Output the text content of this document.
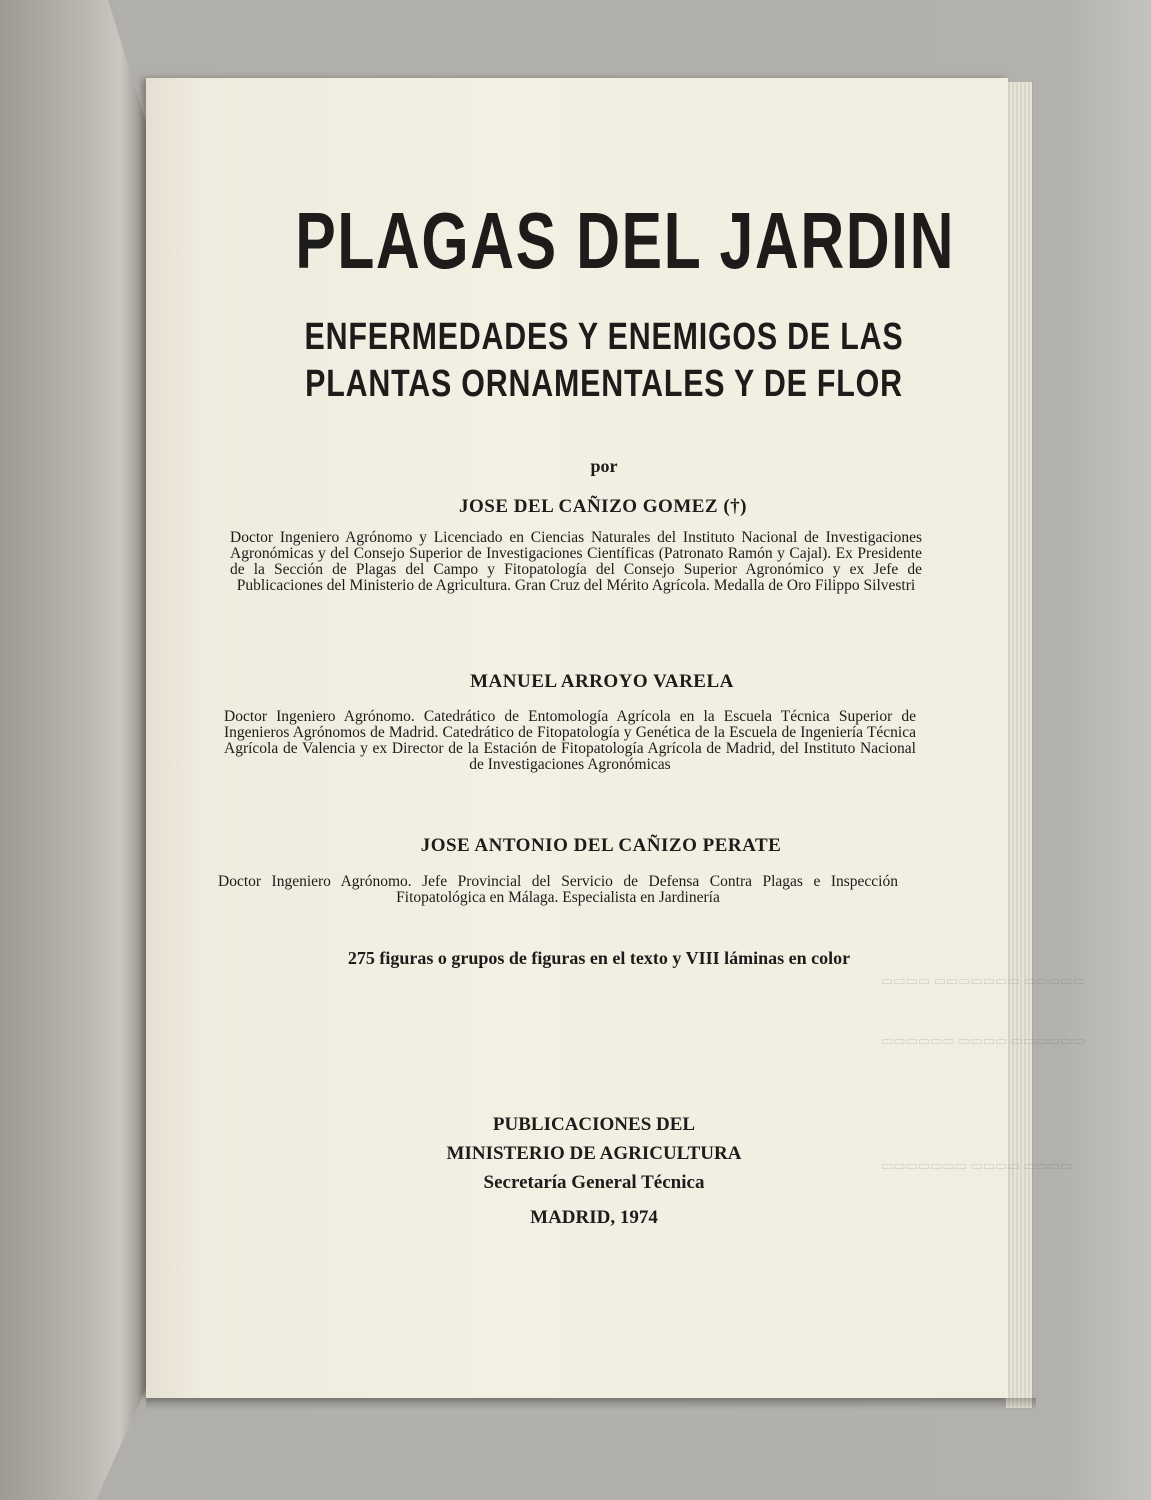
▭▭▭▭ ▭▭▭▭▭▭▭ ▭▭▭▭▭
▭▭▭▭▭▭ ▭▭▭▭ ▭▭▭▭▭▭
▭▭▭▭▭▭▭ ▭▭▭▭ ▭▭▭▭
PLAGAS DEL JARDIN
ENFERMEDADES Y ENEMIGOS DE LAS
PLANTAS ORNAMENTALES Y DE FLOR
por
JOSE DEL CAÑIZO GOMEZ (†)
Doctor Ingeniero Agrónomo y Licenciado en Ciencias Naturales del Instituto Nacional de Investigaciones Agronómicas y del Consejo Superior de Investigaciones Científicas (Patronato Ramón y Cajal). Ex Presidente de la Sección de Plagas del Campo y Fitopatología del Consejo Superior Agronómico y ex Jefe de Publicaciones del Ministerio de Agricultura. Gran Cruz del Mérito Agrícola. Medalla de Oro Filippo Silvestri
MANUEL ARROYO VARELA
Doctor Ingeniero Agrónomo. Catedrático de Entomología Agrícola en la Escuela Técnica Superior de Ingenieros Agrónomos de Madrid. Catedrático de Fitopatología y Genética de la Escuela de Ingeniería Técnica Agrícola de Valencia y ex Director de la Estación de Fitopatología Agrícola de Madrid, del Instituto Nacional de Investigaciones Agronómicas
JOSE ANTONIO DEL CAÑIZO PERATE
Doctor Ingeniero Agrónomo. Jefe Provincial del Servicio de Defensa Contra Plagas e Inspección Fitopatológica en Málaga. Especialista en Jardinería
275 figuras o grupos de figuras en el texto y VIII láminas en color
PUBLICACIONES DEL
MINISTERIO DE AGRICULTURA
Secretaría General Técnica
MADRID, 1974
